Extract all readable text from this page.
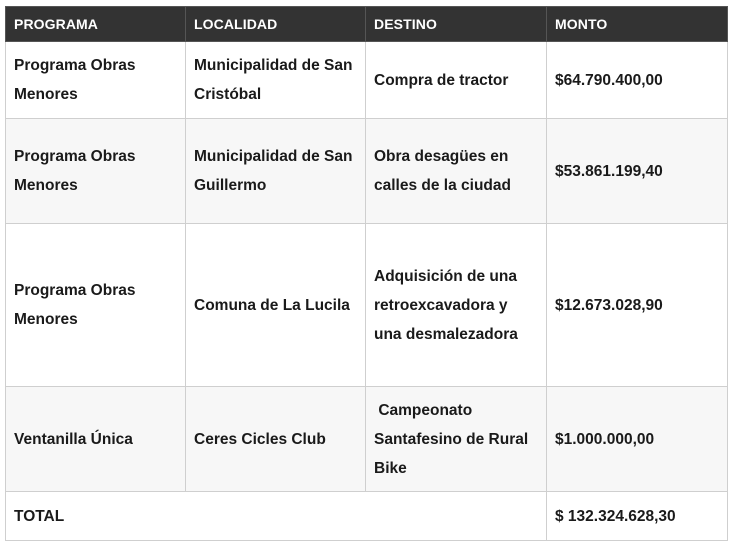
PROGRAMA	LOCALIDAD	DESTINO	MONTO
Programa Obras Menores	Municipalidad de San Cristóbal	Compra de tractor	$64.790.400,00
Programa Obras Menores	Municipalidad de San Guillermo	Obra desagües en calles de la ciudad	$53.861.199,40
Programa Obras Menores	Comuna de La Lucila	Adquisición de una retroexcavadora y una desmalezadora	$12.673.028,90
Ventanilla Única	Ceres Cicles Club	Campeonato Santafesino de Rural Bike	$1.000.000,00
TOTAL			$ 132.324.628,30
